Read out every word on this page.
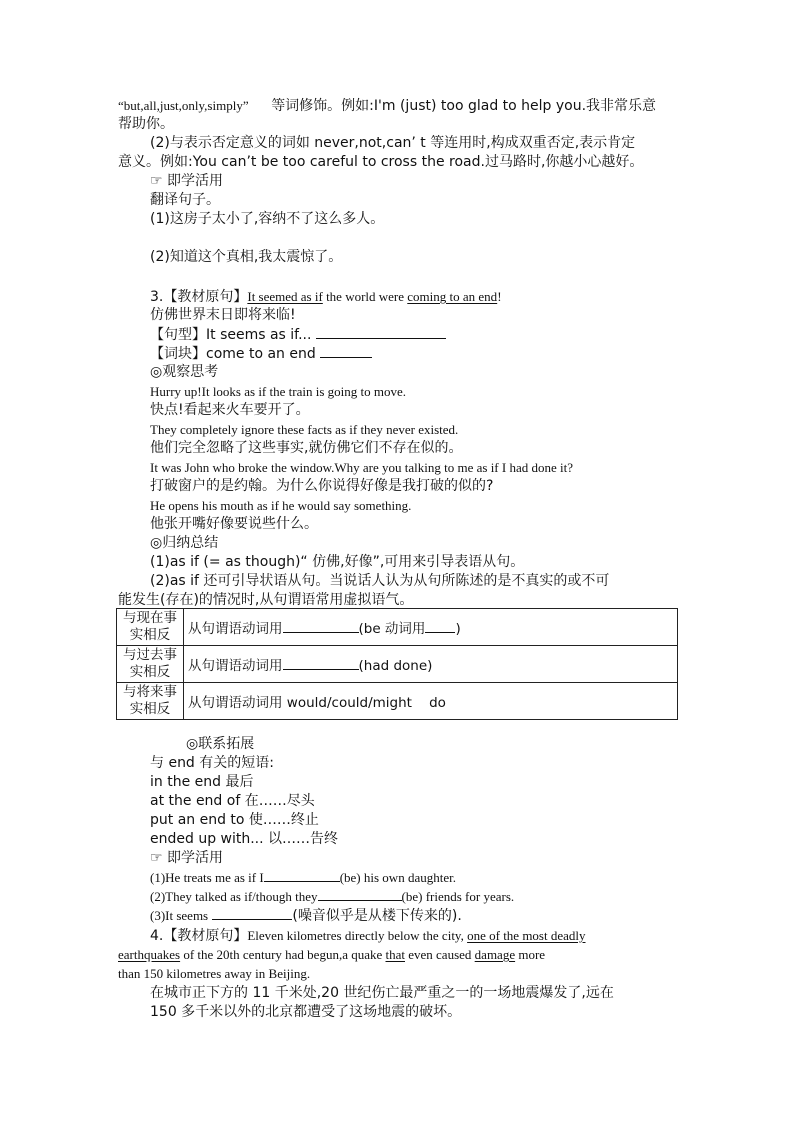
“but,all,just,only,simply” 等词修饰。例如:I'm (just) too glad to help you.我非常乐意
帮助你。
(2)与表示否定意义的词如 never,not,can’ t 等连用时,构成双重否定,表示肯定
意义。例如:You can’t be too careful to cross the road.过马路时,你越小心越好。
☞ 即学活用
翻译句子。
(1)这房子太小了,容纳不了这么多人。
(2)知道这个真相,我太震惊了。
3.【教材原句】It seemed as if the world were coming to an end!
仿佛世界末日即将来临!
【句型】It seems as if...
【词块】come to an end
◎观察思考
Hurry up!It looks as if the train is going to move.
快点!看起来火车要开了。
They completely ignore these facts as if they never existed.
他们完全忽略了这些事实,就仿佛它们不存在似的。
It was John who broke the window.Why are you talking to me as if I had done it?
打破窗户的是约翰。为什么你说得好像是我打破的似的?
He opens his mouth as if he would say something.
他张开嘴好像要说些什么。
◎归纳总结
(1)as if (= as though)“ 仿佛,好像”,可用来引导表语从句。
(2)as if 还可引导状语从句。当说话人认为从句所陈述的是不真实的或不可
能发生(存在)的情况时,从句谓语常用虚拟语气。
与现在事
实相反	从句谓语动词用 (be 动词用 )
与过去事
实相反	从句谓语动词用 (had done)
与将来事
实相反	从句谓语动词用 would/could/might    do
◎联系拓展
与 end 有关的短语:
in the end 最后
at the end of 在……尽头
put an end to 使……终止
ended up with... 以……告终
☞ 即学活用
(1)He treats me as if I	(be) his own daughter.
(2)They talked as if/though they	(be) friends for years.
(3)It seems	(噪音似乎是从楼下传来的).
4.【教材原句】Eleven kilometres directly below the city, one of the most deadly
earthquakes of the 20th century had begun,a quake that even caused damage more
than 150 kilometres away in Beijing.
在城市正下方的 11 千米处,20 世纪伤亡最严重之一的一场地震爆发了,远在
150 多千米以外的北京都遭受了这场地震的破坏。
